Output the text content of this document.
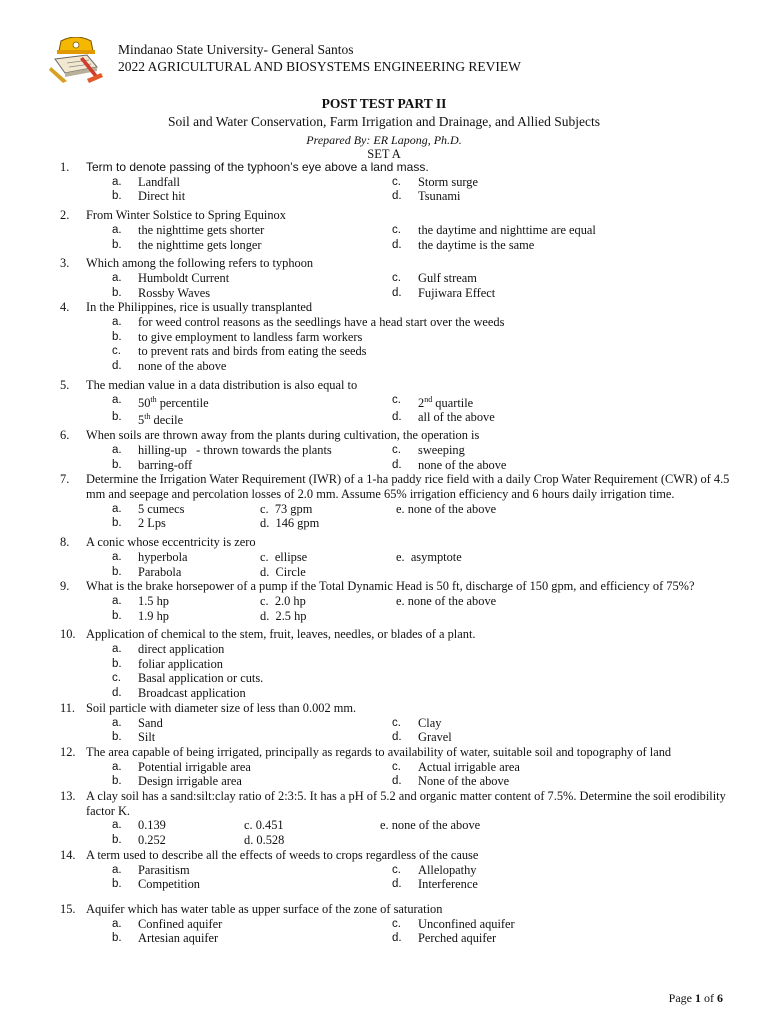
Mindanao State University- General Santos
2022 AGRICULTURAL AND BIOSYSTEMS ENGINEERING REVIEW
POST TEST PART II
Soil and Water Conservation, Farm Irrigation and Drainage, and Allied Subjects
Prepared By: ER Lapong, Ph.D.
SET A
1.	Term to denote passing of the typhoon’s eye above a land mass.
a.	Landfall	c.	Storm surge
b.	Direct hit	d.	Tsunami
2.	From Winter Solstice to Spring Equinox
a.	the nighttime gets shorter	c.	the daytime and nighttime are equal
b.	the nighttime gets longer	d.	the daytime is the same
3.	Which among the following refers to typhoon
a.	Humboldt Current	c.	Gulf stream
b.	Rossby Waves	d.	Fujiwara Effect
4.	In the Philippines, rice is usually transplanted
a.	for weed control reasons as the seedlings have a head start over the weeds
b.	to give employment to landless farm workers
c.	to prevent rats and birds from eating the seeds
d.	none of the above
5.	The median value in a data distribution is also equal to
a.	50th percentile	c.	2nd quartile
b.	5th decile	d.	all of the above
6.	When soils are thrown away from the plants during cultivation, the operation is
a.	hilling-up   - thrown towards the plants	c.	sweeping
b.	barring-off	d.	none of the above
7.	Determine the Irrigation Water Requirement (IWR) of a 1-ha paddy rice field with a daily Crop Water Requirement (CWR) of 4.5 mm and seepage and percolation losses of 2.0 mm. Assume 65% irrigation efficiency and 6 hours daily irrigation time.
a.	5 cumecs	c. 73 gpm	e. none of the above
b.	2 Lps	d. 146 gpm
8.	A conic whose eccentricity is zero
a.	hyperbola	c. ellipse	e. asymptote
b.	Parabola	d. Circle
9.	What is the brake horsepower of a pump if the Total Dynamic Head is 50 ft, discharge of 150 gpm, and efficiency of 75%?
a.	1.5 hp	c. 2.0 hp	e. none of the above
b.	1.9 hp	d. 2.5 hp
10. Application of chemical to the stem, fruit, leaves, needles, or blades of a plant.
a.	direct application
b.	foliar application
c.	Basal application or cuts.
d.	Broadcast application
11. Soil particle with diameter size of less than 0.002 mm.
a.	Sand	c.	Clay
b.	Silt	d.	Gravel
12. The area capable of being irrigated, principally as regards to availability of water, suitable soil and topography of land
a.	Potential irrigable area	c.	Actual irrigable area
b.	Design irrigable area	d.	None of the above
13. A clay soil has a sand:silt:clay ratio of 2:3:5. It has a pH of 5.2 and organic matter content of 7.5%. Determine the soil erodibility factor K.
a.	0.139	c. 0.451	e. none of the above
b.	0.252	d. 0.528
14. A term used to describe all the effects of weeds to crops regardless of the cause
a.	Parasitism	c.	Allelopathy
b.	Competition	d.	Interference
15. Aquifer which has water table as upper surface of the zone of saturation
a.	Confined aquifer	c.	Unconfined aquifer
b.	Artesian aquifer	d.	Perched aquifer
Page 1 of 6
